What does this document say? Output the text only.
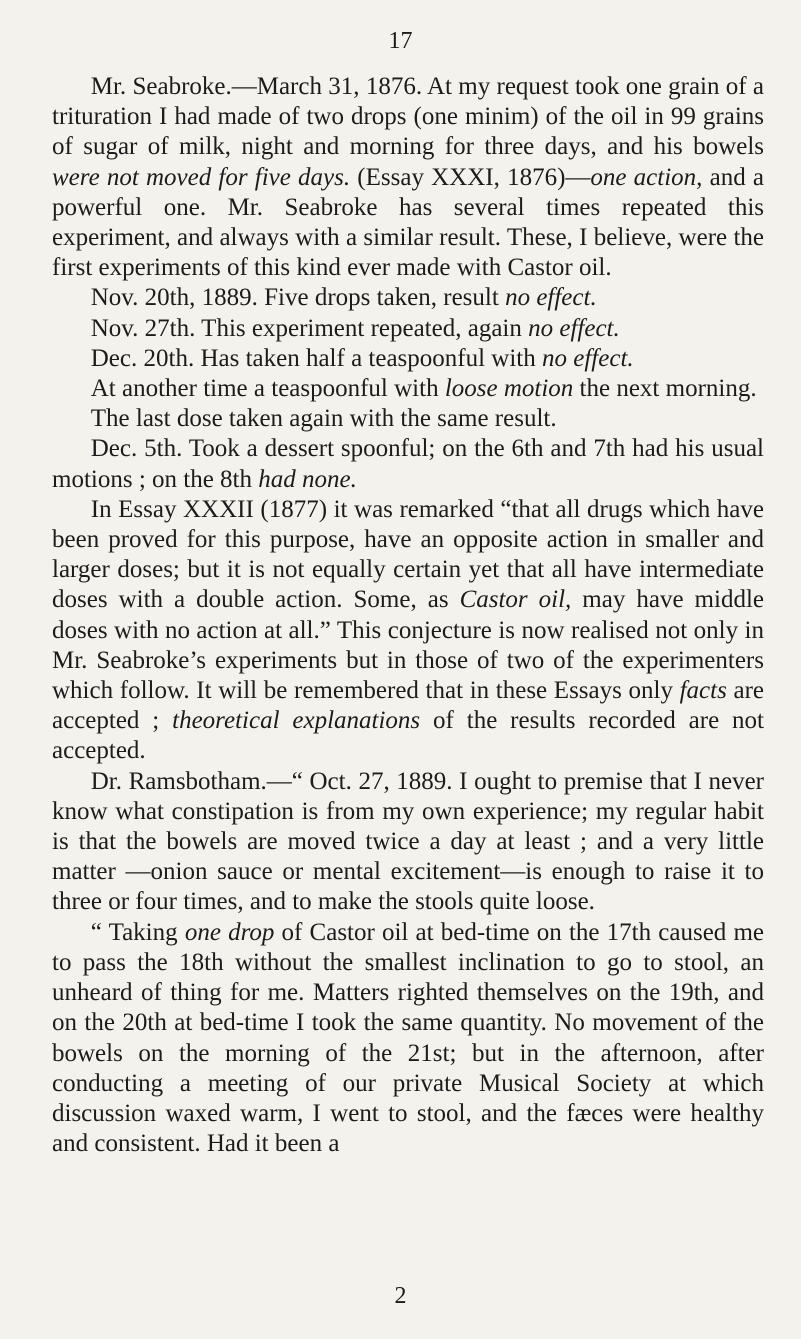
17

Mr. Seabroke.—March 31, 1876. At my request took one grain of a trituration I had made of two drops (one minim) of the oil in 99 grains of sugar of milk, night and morning for three days, and his bowels were not moved for five days. (Essay XXXI, 1876)—one action, and a powerful one. Mr. Seabroke has several times repeated this experiment, and always with a similar result. These, I believe, were the first experiments of this kind ever made with Castor oil.

Nov. 20th, 1889. Five drops taken, result no effect.

Nov. 27th. This experiment repeated, again no effect.

Dec. 20th. Has taken half a teaspoonful with no effect.

At another time a teaspoonful with loose motion the next morning.

The last dose taken again with the same result.

Dec. 5th. Took a dessert spoonful; on the 6th and 7th had his usual motions ; on the 8th had none.

In Essay XXXII (1877) it was remarked “that all drugs which have been proved for this purpose, have an opposite action in smaller and larger doses; but it is not equally certain yet that all have intermediate doses with a double action. Some, as Castor oil, may have middle doses with no action at all.” This conjecture is now realised not only in Mr. Seabroke’s experiments but in those of two of the experimenters which follow. It will be remembered that in these Essays only facts are accepted ; theoretical explanations of the results recorded are not accepted.

Dr. Ramsbotham.—“ Oct. 27, 1889. I ought to premise that I never know what constipation is from my own experience; my regular habit is that the bowels are moved twice a day at least ; and a very little matter —onion sauce or mental excitement—is enough to raise it to three or four times, and to make the stools quite loose.

“ Taking one drop of Castor oil at bed-time on the 17th caused me to pass the 18th without the smallest inclination to go to stool, an unheard of thing for me. Matters righted themselves on the 19th, and on the 20th at bed-time I took the same quantity. No movement of the bowels on the morning of the 21st; but in the afternoon, after conducting a meeting of our private Musical Society at which discussion waxed warm, I went to stool, and the fæces were healthy and consistent. Had it been a

2
